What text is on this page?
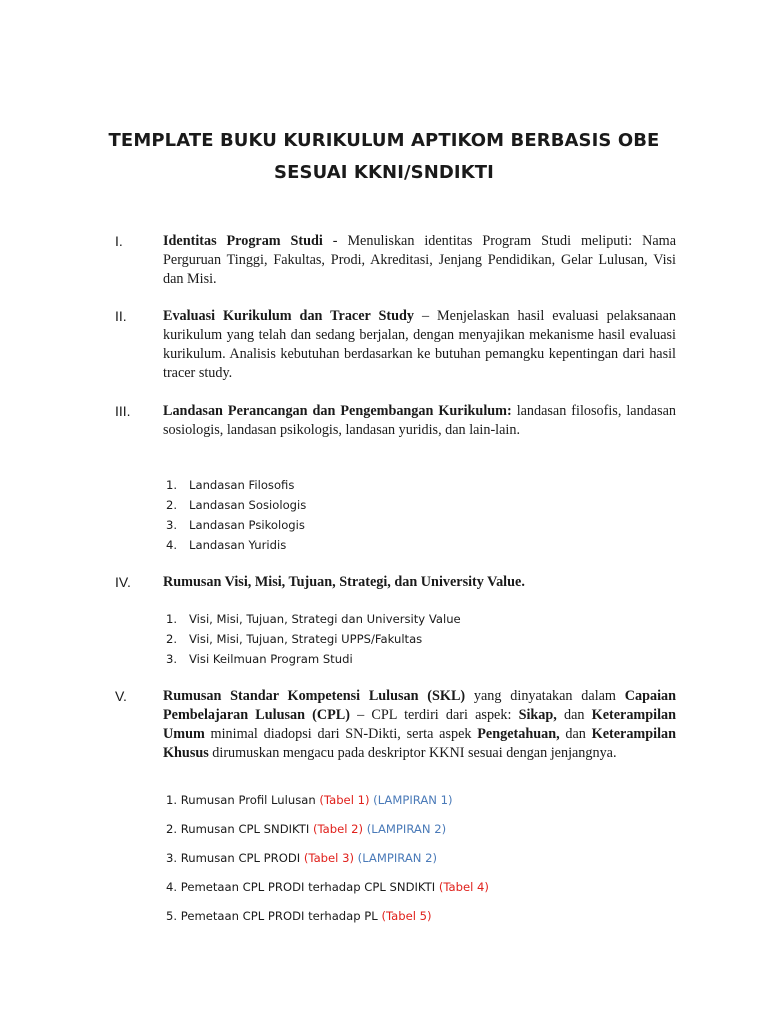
TEMPLATE BUKU KURIKULUM APTIKOM BERBASIS OBE
SESUAI KKNI/SNDIKTI
I.	Identitas Program Studi - Menuliskan identitas Program Studi meliputi: Nama Perguruan Tinggi, Fakultas, Prodi, Akreditasi, Jenjang Pendidikan, Gelar Lulusan, Visi dan Misi.
II.	Evaluasi Kurikulum dan Tracer Study – Menjelaskan hasil evaluasi pelaksanaan kurikulum yang telah dan sedang berjalan, dengan menyajikan mekanisme hasil evaluasi kurikulum. Analisis kebutuhan berdasarkan ke butuhan pemangku kepentingan dari hasil tracer study.
III. Landasan Perancangan dan Pengembangan Kurikulum: landasan filosofis, landasan sosiologis, landasan psikologis, landasan yuridis, dan lain-lain.
1. Landasan Filosofis
2. Landasan Sosiologis
3. Landasan Psikologis
4. Landasan Yuridis
IV. Rumusan Visi, Misi, Tujuan, Strategi, dan University Value.
1. Visi, Misi, Tujuan, Strategi dan University Value
2. Visi, Misi, Tujuan, Strategi UPPS/Fakultas
3. Visi Keilmuan Program Studi
V.	Rumusan Standar Kompetensi Lulusan (SKL) yang dinyatakan dalam Capaian Pembelajaran Lulusan (CPL) – CPL terdiri dari aspek: Sikap, dan Keterampilan Umum minimal diadopsi dari SN-Dikti, serta aspek Pengetahuan, dan Keterampilan Khusus dirumuskan mengacu pada deskriptor KKNI sesuai dengan jenjangnya.
1. Rumusan Profil Lulusan (Tabel 1) (LAMPIRAN 1)
2. Rumusan CPL SNDIKTI (Tabel 2) (LAMPIRAN 2)
3. Rumusan CPL PRODI (Tabel 3) (LAMPIRAN 2)
4. Pemetaan CPL PRODI terhadap CPL SNDIKTI (Tabel 4)
5. Pemetaan CPL PRODI terhadap PL (Tabel 5)
